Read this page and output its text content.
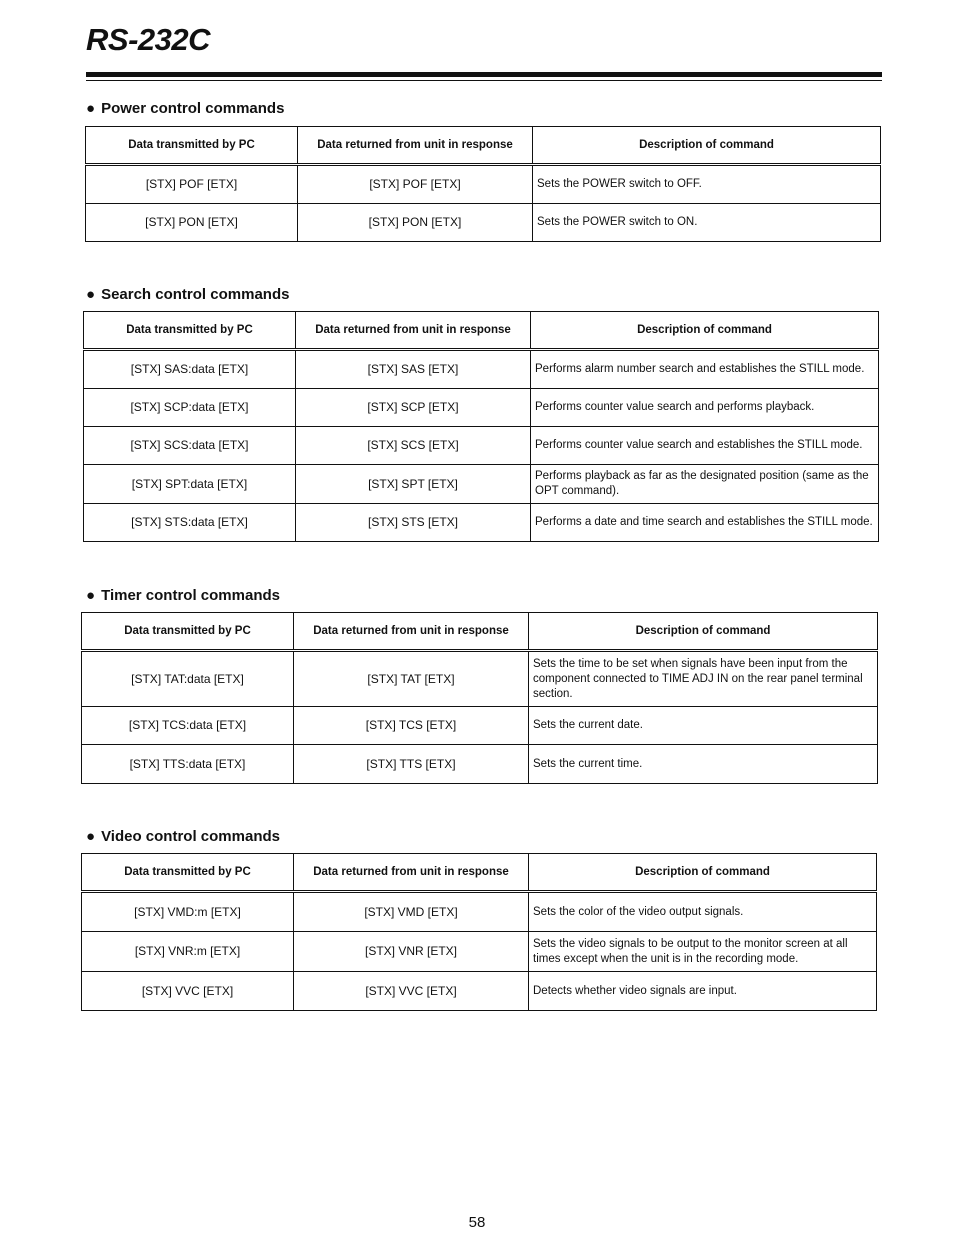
RS-232C
● Power control commands
Data transmitted by PC	Data returned from unit in response	Description of command
[STX] POF [ETX]	[STX] POF [ETX]	Sets the POWER switch to OFF.
[STX] PON [ETX]	[STX] PON [ETX]	Sets the POWER switch to ON.
● Search control commands
Data transmitted by PC	Data returned from unit in response	Description of command
[STX] SAS:data [ETX]	[STX] SAS [ETX]	Performs alarm number search and establishes the STILL mode.
[STX] SCP:data [ETX]	[STX] SCP [ETX]	Performs counter value search and performs playback.
[STX] SCS:data [ETX]	[STX] SCS [ETX]	Performs counter value search and establishes the STILL mode.
[STX] SPT:data [ETX]	[STX] SPT [ETX]	Performs playback as far as the designated position (same as the OPT command).
[STX] STS:data [ETX]	[STX] STS [ETX]	Performs a date and time search and establishes the STILL mode.
● Timer control commands
Data transmitted by PC	Data returned from unit in response	Description of command
[STX] TAT:data [ETX]	[STX] TAT [ETX]	Sets the time to be set when signals have been input from the component connected to TIME ADJ IN on the rear panel terminal section.
[STX] TCS:data [ETX]	[STX] TCS [ETX]	Sets the current date.
[STX] TTS:data [ETX]	[STX] TTS [ETX]	Sets the current time.
● Video control commands
Data transmitted by PC	Data returned from unit in response	Description of command
[STX] VMD:m [ETX]	[STX] VMD [ETX]	Sets the color of the video output signals.
[STX] VNR:m [ETX]	[STX] VNR [ETX]	Sets the video signals to be output to the monitor screen at all times except when the unit is in the recording mode.
[STX] VVC [ETX]	[STX] VVC [ETX]	Detects whether video signals are input.
58
